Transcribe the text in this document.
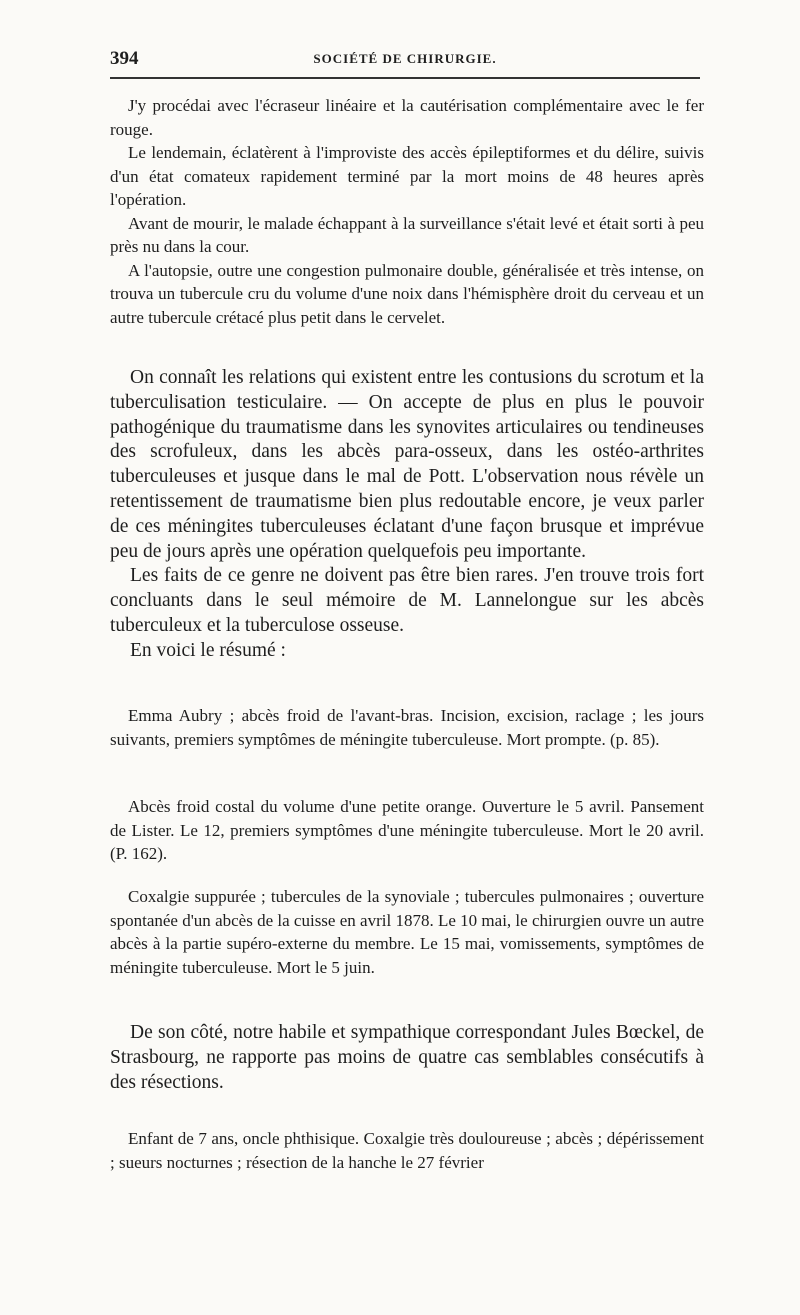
394	SOCIÉTÉ DE CHIRURGIE.

J'y procédai avec l'écraseur linéaire et la cautérisation complémentaire avec le fer rouge.

Le lendemain, éclatèrent à l'improviste des accès épileptiformes et du délire, suivis d'un état comateux rapidement terminé par la mort moins de 48 heures après l'opération.

Avant de mourir, le malade échappant à la surveillance s'était levé et était sorti à peu près nu dans la cour.

A l'autopsie, outre une congestion pulmonaire double, généralisée et très intense, on trouva un tubercule cru du volume d'une noix dans l'hémisphère droit du cerveau et un autre tubercule crétacé plus petit dans le cervelet.

On connaît les relations qui existent entre les contusions du scrotum et la tuberculisation testiculaire. — On accepte de plus en plus le pouvoir pathogénique du traumatisme dans les synovites articulaires ou tendineuses des scrofuleux, dans les abcès para-osseux, dans les ostéo-arthrites tuberculeuses et jusque dans le mal de Pott. L'observation nous révèle un retentissement de traumatisme bien plus redoutable encore, je veux parler de ces méningites tuberculeuses éclatant d'une façon brusque et imprévue peu de jours après une opération quelquefois peu importante.

Les faits de ce genre ne doivent pas être bien rares. J'en trouve trois fort concluants dans le seul mémoire de M. Lannelongue sur les abcès tuberculeux et la tuberculose osseuse.

En voici le résumé :

Emma Aubry ; abcès froid de l'avant-bras. Incision, excision, raclage ; les jours suivants, premiers symptômes de méningite tuberculeuse. Mort prompte. (p. 85).

Abcès froid costal du volume d'une petite orange. Ouverture le 5 avril. Pansement de Lister. Le 12, premiers symptômes d'une méningite tuberculeuse. Mort le 20 avril. (P. 162).

Coxalgie suppurée ; tubercules de la synoviale ; tubercules pulmonaires ; ouverture spontanée d'un abcès de la cuisse en avril 1878. Le 10 mai, le chirurgien ouvre un autre abcès à la partie supéro-externe du membre. Le 15 mai, vomissements, symptômes de méningite tuberculeuse. Mort le 5 juin.

De son côté, notre habile et sympathique correspondant Jules Bœckel, de Strasbourg, ne rapporte pas moins de quatre cas semblables consécutifs à des résections.

Enfant de 7 ans, oncle phthisique. Coxalgie très douloureuse ; abcès ; dépérissement ; sueurs nocturnes ; résection de la hanche le 27 février
